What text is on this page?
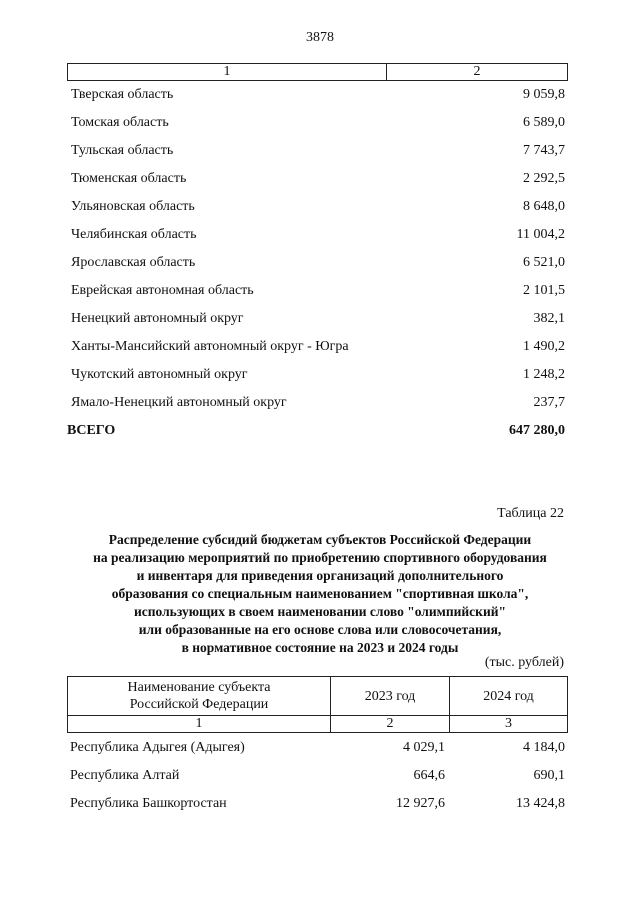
3878
1	2
Тверская область	9 059,8
Томская область	6 589,0
Тульская область	7 743,7
Тюменская область	2 292,5
Ульяновская область	8 648,0
Челябинская область	11 004,2
Ярославская область	6 521,0
Еврейская автономная область	2 101,5
Ненецкий автономный округ	382,1
Ханты-Мансийский автономный округ - Югра	1 490,2
Чукотский автономный округ	1 248,2
Ямало-Ненецкий автономный округ	237,7
ВСЕГО	647 280,0
Таблица 22
Распределение субсидий бюджетам субъектов Российской Федерации
на реализацию мероприятий по приобретению спортивного оборудования
и инвентаря для приведения организаций дополнительного
образования со специальным наименованием "спортивная школа",
использующих в своем наименовании слово "олимпийский"
или образованные на его основе слова или словосочетания,
в нормативное состояние на 2023 и 2024 годы
(тыс. рублей)
Наименование субъекта
Российской Федерации	2023 год	2024 год
1	2	3
Республика Адыгея (Адыгея)	4 029,1	4 184,0
Республика Алтай	664,6	690,1
Республика Башкортостан	12 927,6	13 424,8
